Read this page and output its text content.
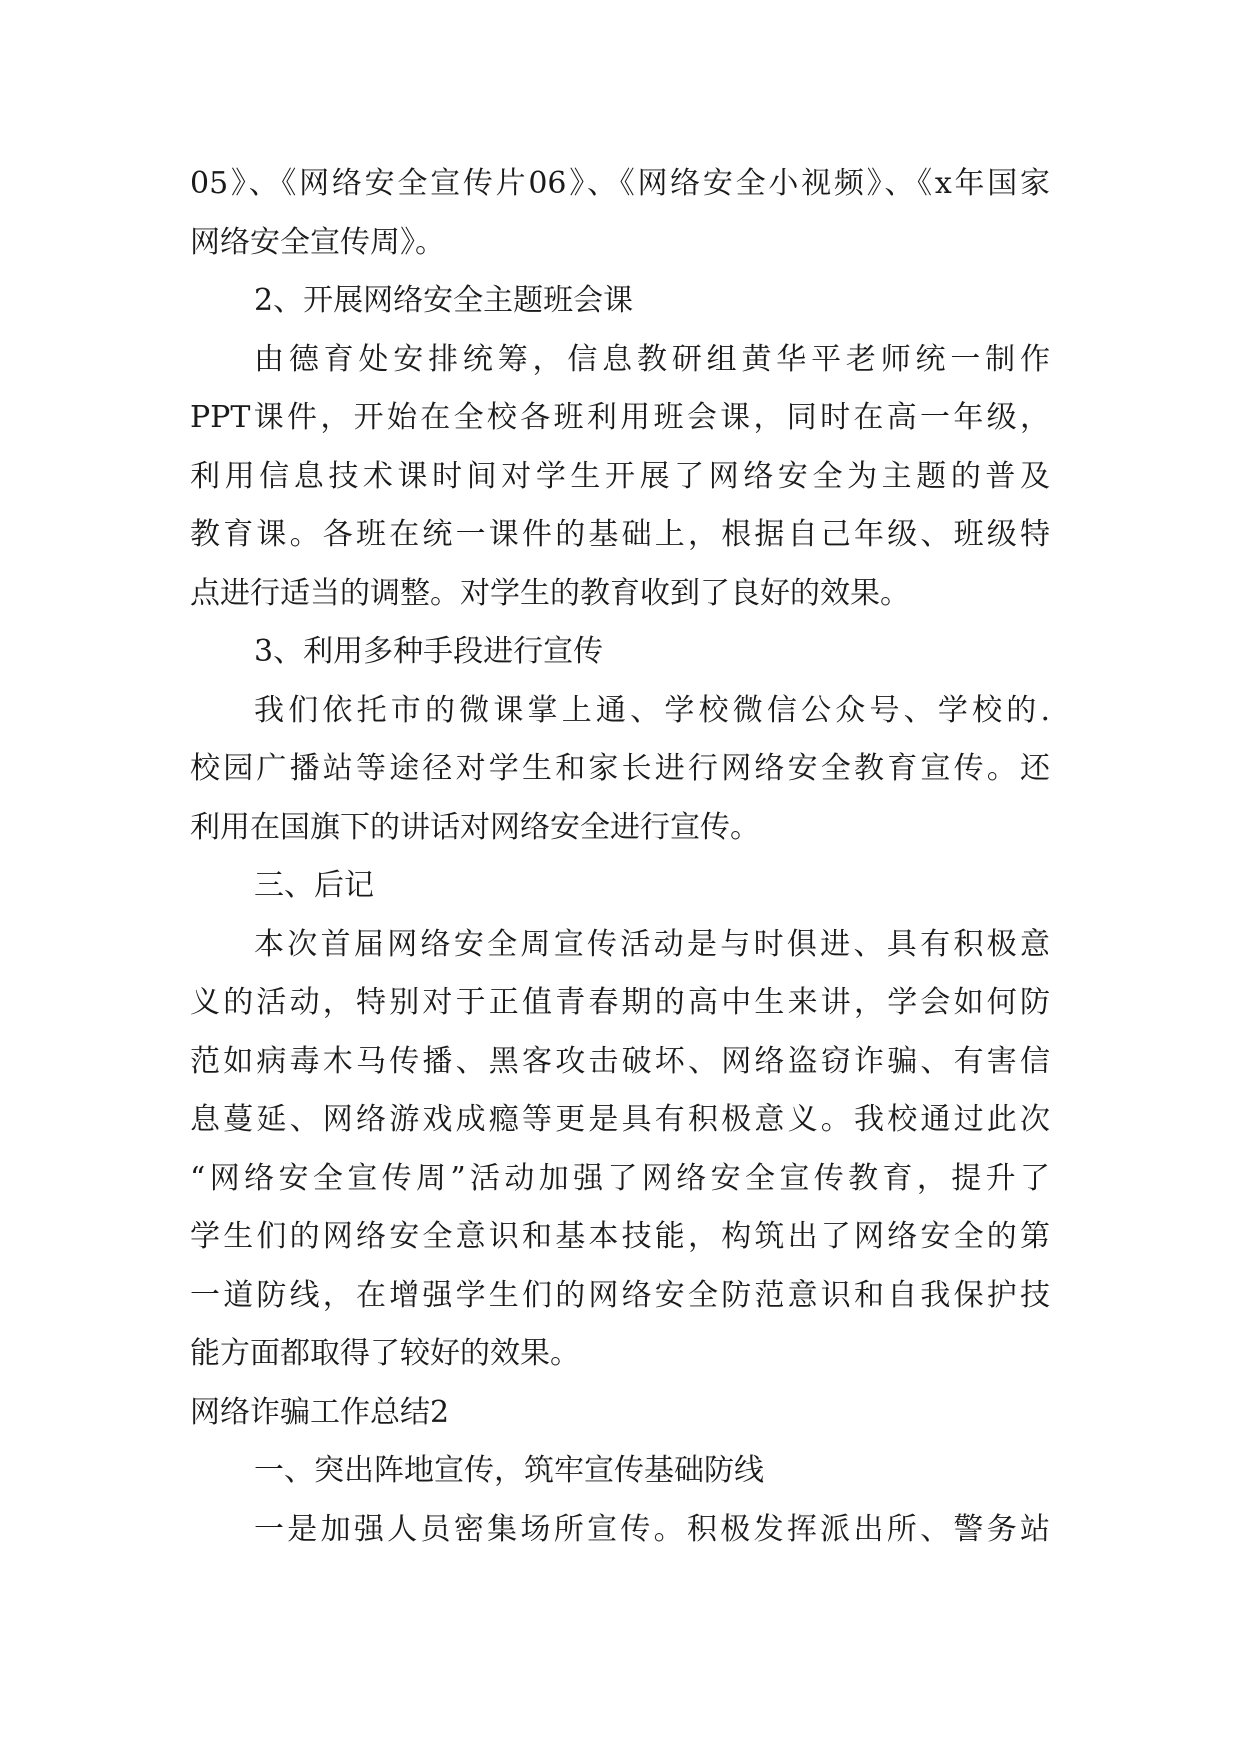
05》、《网络安全宣传片06》、《网络安全小视频》、《x年国家
网络安全宣传周》。
2、开展网络安全主题班会课
由德育处安排统筹，信息教研组黄华平老师统一制作
PPT课件，开始在全校各班利用班会课，同时在高一年级，
利用信息技术课时间对学生开展了网络安全为主题的普及
教育课。各班在统一课件的基础上，根据自己年级、班级特
点进行适当的调整。对学生的教育收到了良好的效果。
3、利用多种手段进行宣传
我们依托市的微课掌上通、学校微信公众号、学校的.
校园广播站等途径对学生和家长进行网络安全教育宣传。还
利用在国旗下的讲话对网络安全进行宣传。
三、后记
本次首届网络安全周宣传活动是与时俱进、具有积极意
义的活动，特别对于正值青春期的高中生来讲，学会如何防
范如病毒木马传播、黑客攻击破坏、网络盗窃诈骗、有害信
息蔓延、网络游戏成瘾等更是具有积极意义。我校通过此次
“网络安全宣传周”活动加强了网络安全宣传教育，提升了
学生们的网络安全意识和基本技能，构筑出了网络安全的第
一道防线，在增强学生们的网络安全防范意识和自我保护技
能方面都取得了较好的效果。
网络诈骗工作总结2
一、突出阵地宣传，筑牢宣传基础防线
一是加强人员密集场所宣传。积极发挥派出所、警务站
